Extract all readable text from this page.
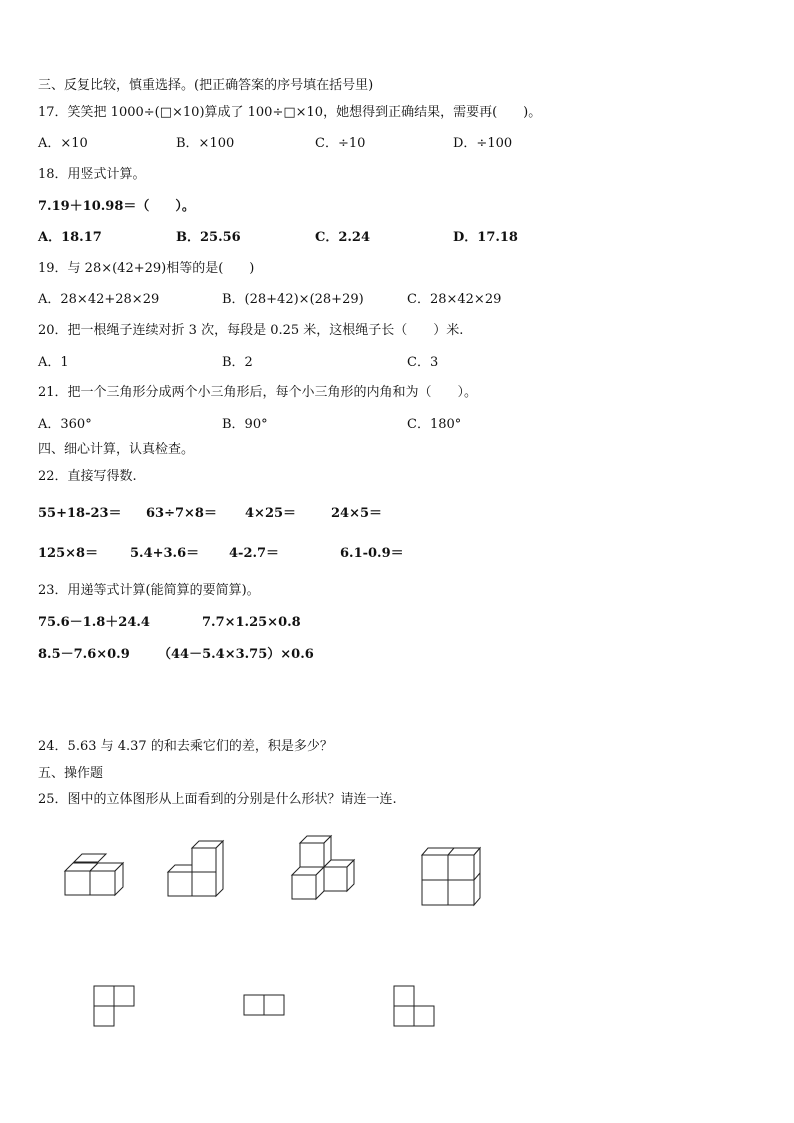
三、反复比较，慎重选择。(把正确答案的序号填在括号里)
17．笑笑把 1000÷(□×10)算成了 100÷□×10，她想得到正确结果，需要再(　　)。
A．×10	B．×100	C．÷10	D．÷100
18．用竖式计算。
7.19＋10.98＝（　　）。
A．18.17	B．25.56	C．2.24	D．17.18
19．与 28×(42+29)相等的是(　　)
A．28×42+28×29	B．(28+42)×(28+29)	C．28×42×29
20．把一根绳子连续对折 3 次，每段是 0.25 米，这根绳子长（　　）米.
A．1	B．2	C．3
21．把一个三角形分成两个小三角形后，每个小三角形的内角和为（　　）。
A．360°	B．90°	C．180°
四、细心计算，认真检查。
22．直接写得数.
55+18-23＝ 63÷7×8＝ 4×25＝	24×5＝
125×8＝ 5.4+3.6＝ 4-2.7＝	6.1-0.9＝
23．用递等式计算(能简算的要简算)。
75.6－1.8＋24.4	7.7×1.25×0.8
8.5－7.6×0.9 （44－5.4×3.75）×0.6
24．5.63 与 4.37 的和去乘它们的差，积是多少？
五、操作题
25．图中的立体图形从上面看到的分别是什么形状？请连一连.
